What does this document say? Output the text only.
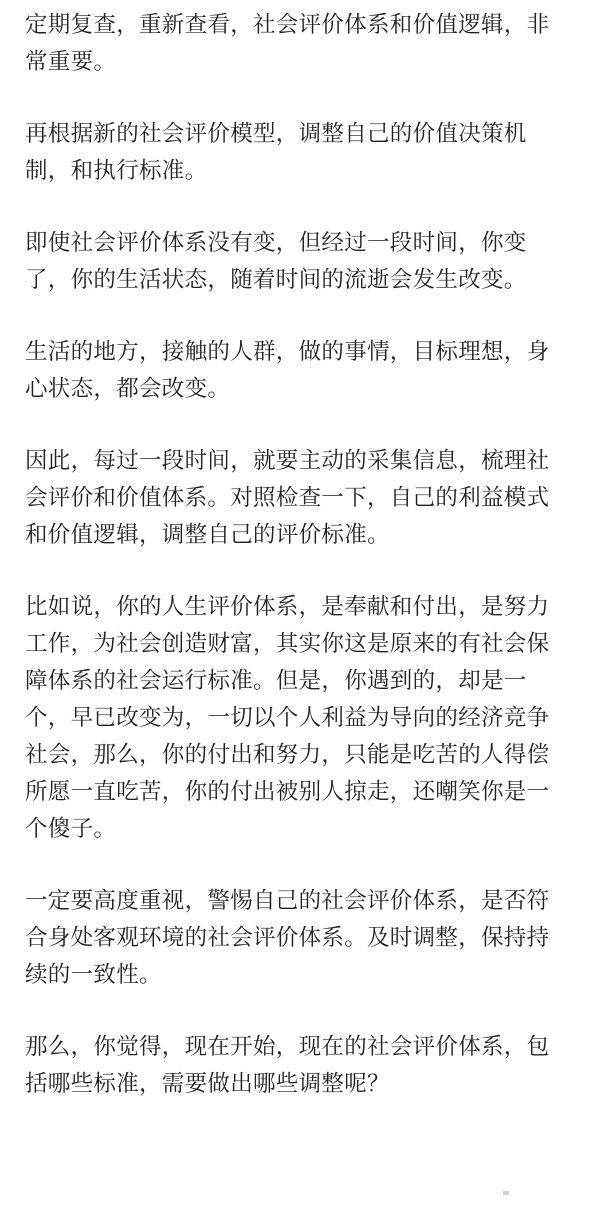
定期复查，重新查看，社会评价体系和价值逻辑，非
常重要。

再根据新的社会评价模型，调整自己的价值决策机
制，和执行标准。

即使社会评价体系没有变，但经过一段时间，你变
了，你的生活状态，随着时间的流逝会发生改变。

生活的地方，接触的人群，做的事情，目标理想，身
心状态，都会改变。

因此，每过一段时间，就要主动的采集信息，梳理社
会评价和价值体系。对照检查一下，自己的利益模式
和价值逻辑，调整自己的评价标准。

比如说，你的人生评价体系，是奉献和付出，是努力
工作，为社会创造财富，其实你这是原来的有社会保
障体系的社会运行标准。但是，你遇到的，却是一
个，早已改变为，一切以个人利益为导向的经济竞争
社会，那么，你的付出和努力，只能是吃苦的人得偿
所愿一直吃苦，你的付出被别人掠走，还嘲笑你是一
个傻子。

一定要高度重视，警惕自己的社会评价体系，是否符
合身处客观环境的社会评价体系。及时调整，保持持
续的一致性。

那么，你觉得，现在开始，现在的社会评价体系，包
括哪些标准，需要做出哪些调整呢？
